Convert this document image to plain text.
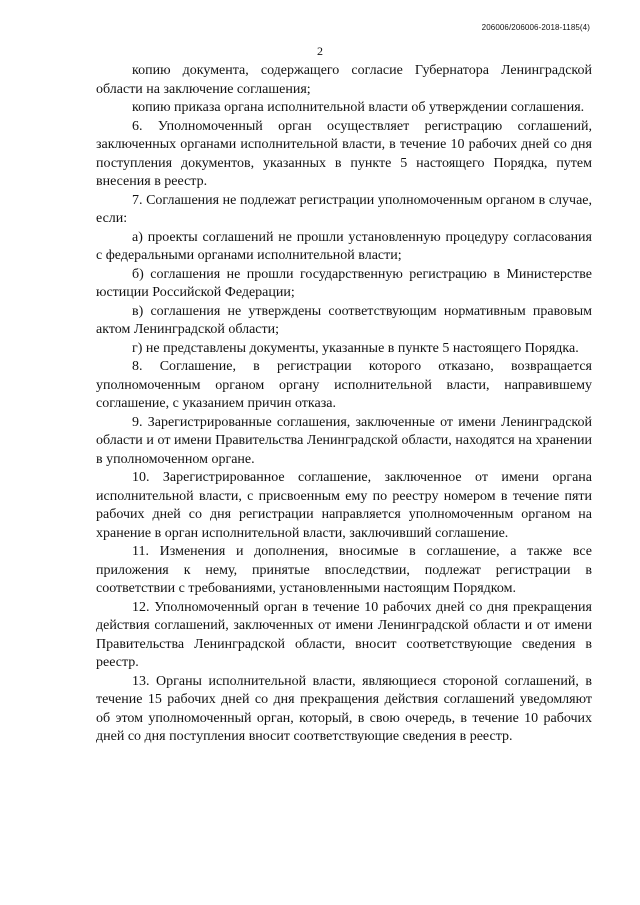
206006/206006-2018-1185(4)
2

копию документа, содержащего согласие Губернатора Ленинградской области на заключение соглашения;

копию приказа органа исполнительной власти об утверждении соглашения.

6. Уполномоченный орган осуществляет регистрацию соглашений, заключенных органами исполнительной власти, в течение 10 рабочих дней со дня поступления документов, указанных в пункте 5 настоящего Порядка, путем внесения в реестр.

7. Соглашения не подлежат регистрации уполномоченным органом в случае, если:

а) проекты соглашений не прошли установленную процедуру согласования с федеральными органами исполнительной власти;

б) соглашения не прошли государственную регистрацию в Министерстве юстиции Российской Федерации;

в) соглашения не утверждены соответствующим нормативным правовым актом Ленинградской области;

г) не представлены документы, указанные в пункте 5 настоящего Порядка.

8. Соглашение, в регистрации которого отказано, возвращается уполномоченным органом органу исполнительной власти, направившему соглашение, с указанием причин отказа.

9. Зарегистрированные соглашения, заключенные от имени Ленинградской области и от имени Правительства Ленинградской области, находятся на хранении в уполномоченном органе.

10. Зарегистрированное соглашение, заключенное от имени органа исполнительной власти, с присвоенным ему по реестру номером в течение пяти рабочих дней со дня регистрации направляется уполномоченным органом на хранение в орган исполнительной власти, заключивший соглашение.

11. Изменения и дополнения, вносимые в соглашение, а также все приложения к нему, принятые впоследствии, подлежат регистрации в соответствии с требованиями, установленными настоящим Порядком.

12. Уполномоченный орган в течение 10 рабочих дней со дня прекращения действия соглашений, заключенных от имени Ленинградской области и от имени Правительства Ленинградской области, вносит соответствующие сведения в реестр.

13. Органы исполнительной власти, являющиеся стороной соглашений, в течение 15 рабочих дней со дня прекращения действия соглашений уведомляют об этом уполномоченный орган, который, в свою очередь, в течение 10 рабочих дней со дня поступления вносит соответствующие сведения в реестр.
